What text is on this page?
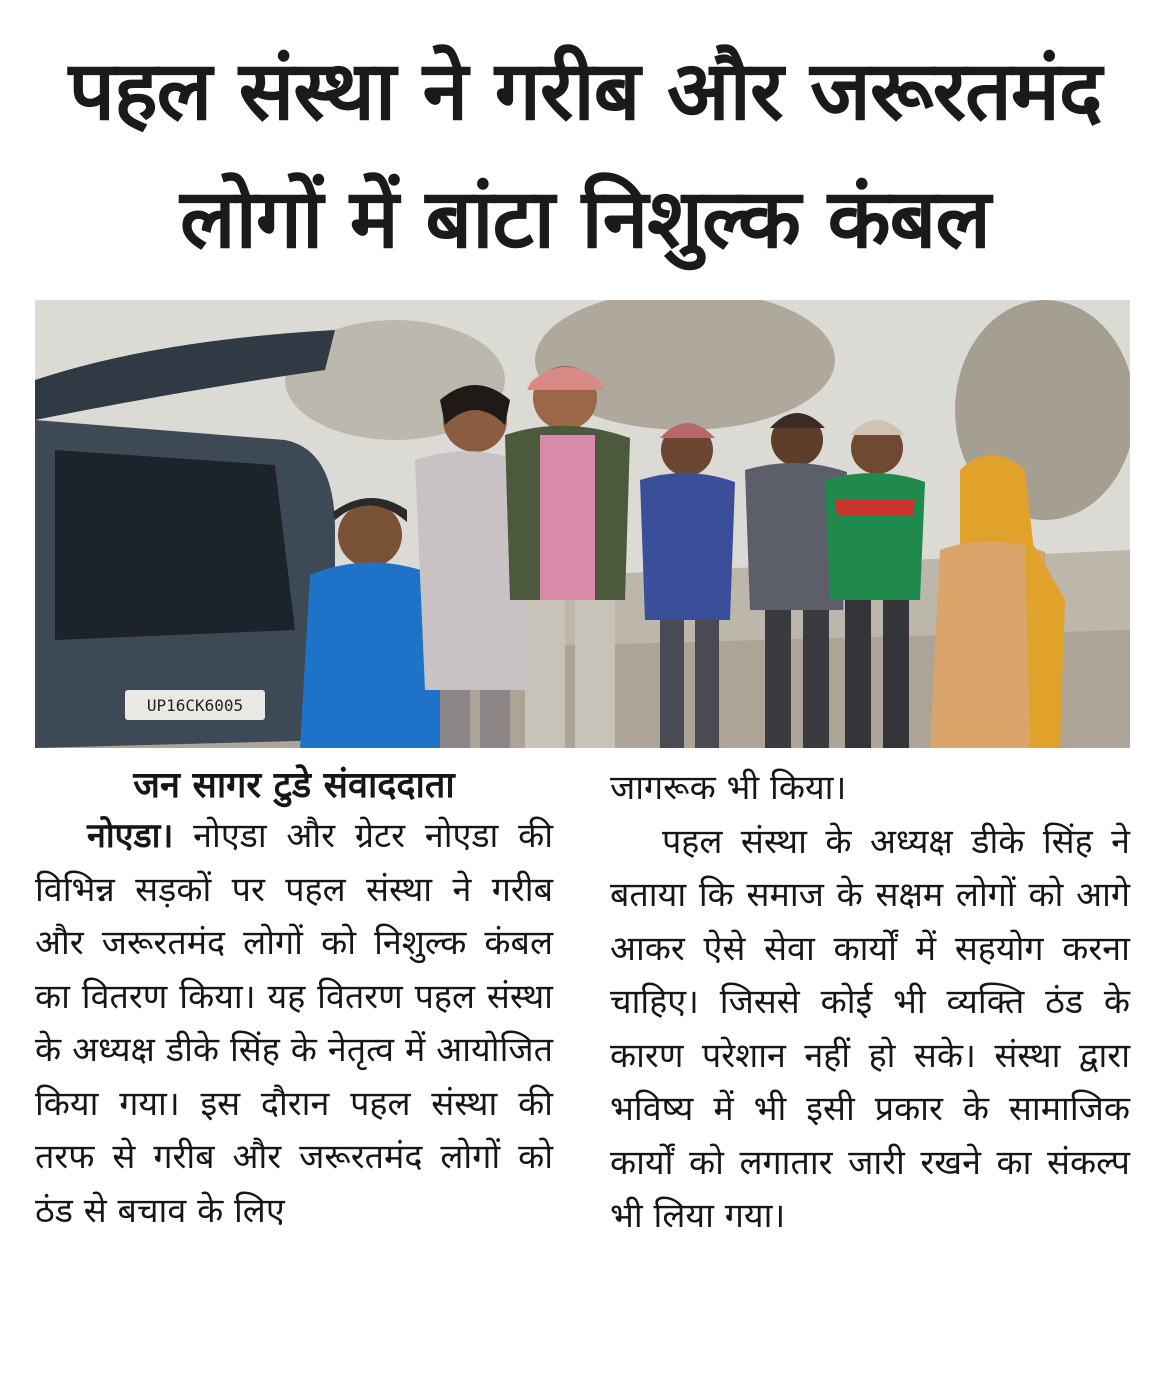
पहल संस्था ने गरीब और जरूरतमंद
लोगों में बांटा निशुल्क कंबल
UP16CK6005
जन सागर टुडे संवाददाता

नोएडा। नोएडा और ग्रेटर नोएडा की विभिन्न सड़कों पर पहल संस्था ने गरीब और जरूरतमंद लोगों को निशुल्क कंबल का वितरण किया। यह वितरण पहल संस्था के अध्यक्ष डीके सिंह के नेतृत्व में आयोजित किया गया। इस दौरान पहल संस्था की तरफ से गरीब और जरूरतमंद लोगों को ठंड से बचाव के लिए

जागरूक भी किया।

पहल संस्था के अध्यक्ष डीके सिंह ने बताया कि समाज के सक्षम लोगों को आगे आकर ऐसे सेवा कार्यों में सहयोग करना चाहिए। जिससे कोई भी व्यक्ति ठंड के कारण परेशान नहीं हो सके। संस्था द्वारा भविष्य में भी इसी प्रकार के सामाजिक कार्यों को लगातार जारी रखने का संकल्प भी लिया गया।
